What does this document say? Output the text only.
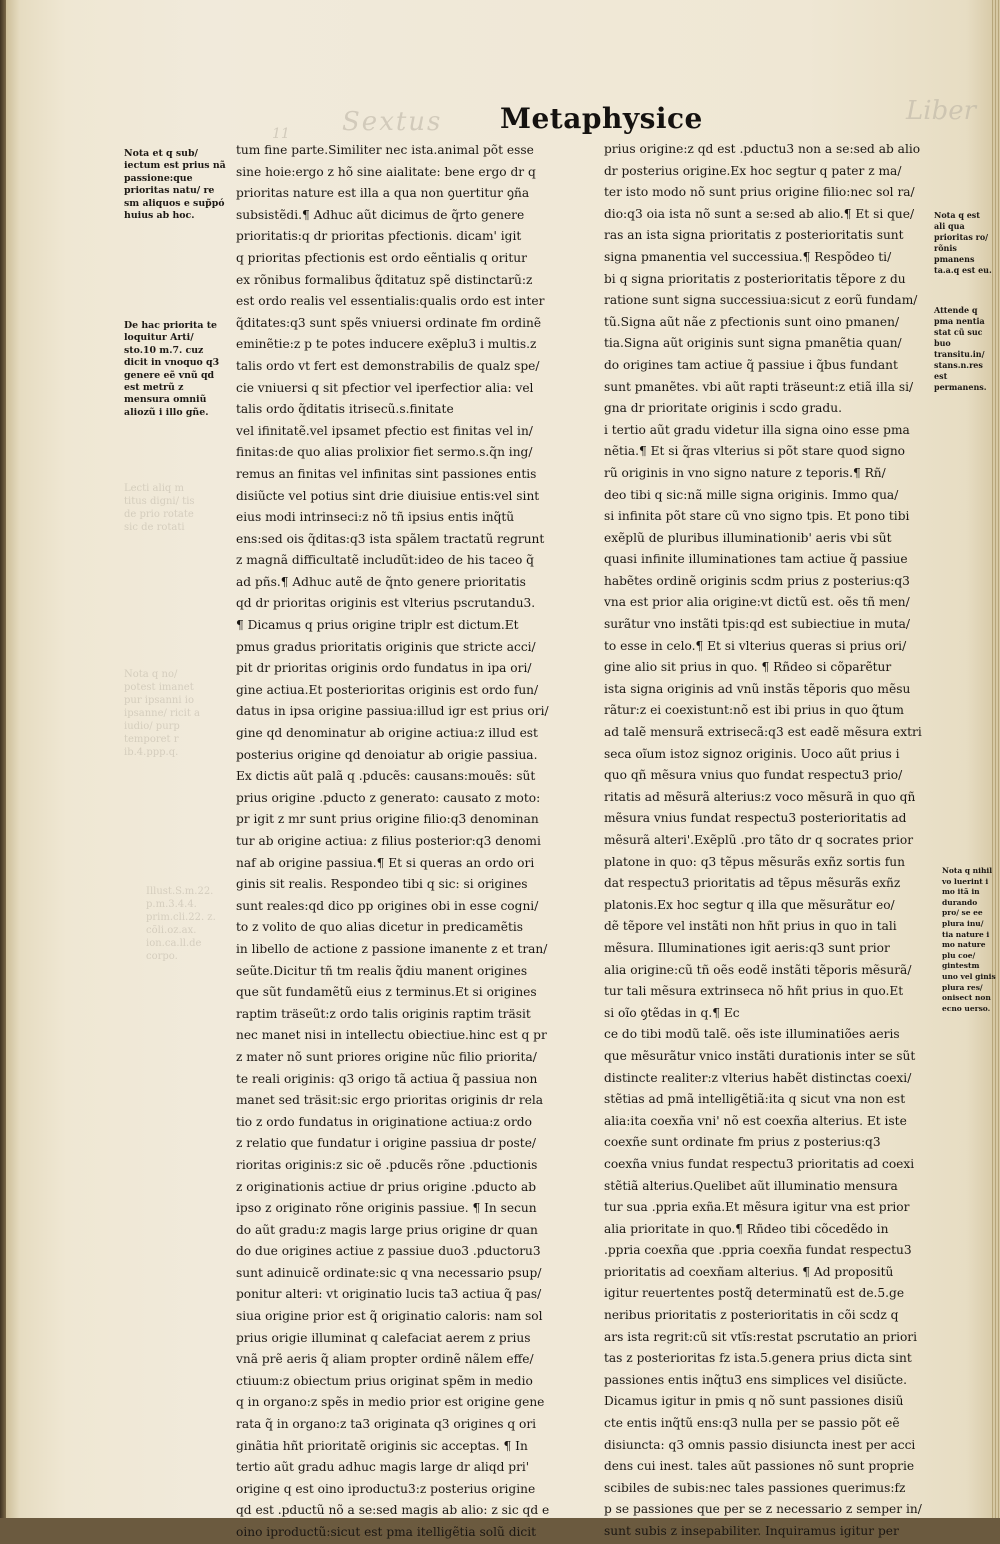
Sextus
11
Liber
Lecti aliq m titus digni/ tis de prio rotate sic de rotati
Nota q no/ potest imanet pur ipsanni io ipsanne/ ricit a iudio/ purp temporet r ib.4.ppp.q.
Illust.S.m.22. p.m.3.4.4. prim.cli.22. z. cõli.oz.ax. ion.ca.ll.de corpo.
Metaphysice
Nota et q sub/ iectum est prius nã passione:que prioritas natu/ re sm aliquos e sup̃pó huius ab hoc.
De hac priorita te loquitur Arti/ sto.10 m.7. cuz dicit in vnoquo q3 genere eẽ vnũ qd est metrũ z mensura omniũ aliozũ i illo gñe.
tum fine parte.Similiter nec ista.animal põt esse
sine hoie:ergo z hõ sine aialitate: bene ergo dr q
prioritas nature est illa a qua non ꝯuertitur ꝯña
subsistẽdi.¶ Adhuc aũt dicimus de q̃rto genere
prioritatis:q dr prioritas pfectionis. dicam' igit
q prioritas pfectionis est ordo eẽntialis q oritur
ex rõnibus formalibus q̃ditatuz spẽ distinctarũ:z
est ordo realis vel essentialis:qualis ordo est inter
q̃ditates:q3 sunt spẽs vniuersi ordinate fm ordinẽ
eminẽtie:z p te potes inducere exẽplu3 i multis.z
talis ordo vt fert est demonstrabilis de qualz spe/
cie vniuersi q sit pfectior vel iperfectior alia: vel
talis ordo q̃ditatis itrisecũ.s.finitate
vel ifinitatẽ.vel ipsamet pfectio est finitas vel in/
finitas:de quo alias prolixior fiet sermo.s.q̃n ing/
remus an finitas vel infinitas sint passiones entis
disiũcte vel potius sint drie diuisiue entis:vel sint
eius modi intrinseci:z nõ tñ ipsius entis inq̃tũ
ens:sed ois q̃ditas:q3 ista spãlem tractatũ regrunt
z magnã difficultatẽ includũt:ideo de his taceo q̃
ad pñs.¶ Adhuc autẽ de q̃nto genere prioritatis
qd dr prioritas originis est vlterius pscrutandu3.
¶ Dicamus q prius origine triplr est dictum.Et
pmus gradus prioritatis originis que stricte acci/
pit dr prioritas originis ordo fundatus in ipa ori/
gine actiua.Et posterioritas originis est ordo fun/
datus in ipsa origine passiua:illud igr est prius ori/
gine qd denominatur ab origine actiua:z illud est
posterius origine qd denoiatur ab origie passiua.
Ex dictis aũt palã q .pducẽs: causans:mouẽs: sũt
prius origine .pducto z generato: causato z moto:
pr igit z mr sunt prius origine filio:q3 denominan
tur ab origine actiua: z filius posterior:q3 denomi
naf ab origine passiua.¶ Et si queras an ordo ori
ginis sit realis. Respondeo tibi q sic: si origines
sunt reales:qd dico pp origines obi in esse cogni/
to z volito de quo alias dicetur in predicamẽtis
in libello de actione z passione imanente z et tran/
seũte.Dicitur tñ tm realis q̃diu manent origines
que sũt fundamẽtũ eius z terminus.Et si origines
raptim träseũt:z ordo talis originis raptim träsit
nec manet nisi in intellectu obiectiue.hinc est q pr
z mater nõ sunt priores origine nũc filio priorita/
te reali originis: q3 origo tã actiua q̃ passiua non
manet sed träsit:sic ergo prioritas originis dr rela
tio z ordo fundatus in originatione actiua:z ordo
z relatio que fundatur i origine passiua dr poste/
rioritas originis:z sic oẽ .pducẽs rõne .pductionis
z originationis actiue dr prius origine .pducto ab
ipso z originato rõne originis passiue. ¶ In secun
do aũt gradu:z magis large prius origine dr quan
do due origines actiue z passiue duo3 .pductoru3
sunt adinuicẽ ordinate:sic q vna necessario psup/
ponitur alteri: vt originatio lucis ta3 actiua q̃ pas/
siua origine prior est q̃ originatio caloris: nam sol
prius origie illuminat q calefaciat aerem z prius
vnã prẽ aeris q̃ aliam propter ordinẽ nãlem effe/
ctiuum:z obiectum prius originat spẽm in medio
q in organo:z spẽs in medio prior est origine gene
rata q̃ in organo:z ta3 originata q3 origines q ori
ginãtia hñt prioritatẽ originis sic acceptas. ¶ In
tertio aũt gradu adhuc magis large dr aliqd pri'
origine q est oino iproductu3:z posterius origine
qd est .pductũ nõ a se:sed magis ab alio: z sic qd e
oino iproductũ:sicut est pma itelligẽtia solũ dicit
prius origine:z qd est .pductu3 non a se:sed ab alio
dr posterius origine.Ex hoc segtur q pater z ma/
ter isto modo nõ sunt prius origine filio:nec sol ra/
dio:q3 oia ista nõ sunt a se:sed ab alio.¶ Et si que/
ras an ista signa prioritatis z posterioritatis sunt
signa pmanentia vel successiua.¶ Respõdeo ti/
bi q signa prioritatis z posterioritatis tẽpore z du
ratione sunt signa successiua:sicut z eorũ fundam/
tũ.Signa aũt nãe z pfectionis sunt oino pmanen/
tia.Signa aũt originis sunt signa pmanẽtia quan/
do origines tam actiue q̃ passiue i q̃bus fundant
sunt pmanẽtes. vbi aũt rapti träseunt:z etiã illa si/
gna dr prioritate originis i scdo gradu.
i tertio aũt gradu videtur illa signa oino esse pma
nẽtia.¶ Et si q̃ras vlterius si põt stare quod signo
rũ originis in vno signo nature z teporis.¶ Rñ/
deo tibi q sic:nã mille signa originis. Immo qua/
si infinita põt stare cũ vno signo tpis. Et pono tibi
exẽplũ de pluribus illuminationib' aeris vbi sũt
quasi infinite illuminationes tam actiue q̃ passiue
habẽtes ordinẽ originis scdm prius z posterius:q3
vna est prior alia origine:vt dictũ est. oẽs tñ men/
surãtur vno instãti tpis:qd est subiectiue in muta/
to esse in celo.¶ Et si vlterius queras si prius ori/
gine alio sit prius in quo. ¶ Rñdeo si cõparẽtur
ista signa originis ad vnũ instãs tẽporis quo mẽsu
rãtur:z ei coexistunt:nõ est ibi prius in quo q̃tum
ad talẽ mensurã extrisecã:q3 est eadẽ mẽsura extri
seca oĩum istoz signoz originis. Uoco aũt prius i
quo qñ mẽsura vnius quo fundat respectu3 prio/
ritatis ad mẽsurã alterius:z voco mẽsurã in quo qñ
mẽsura vnius fundat respectu3 posterioritatis ad
mẽsurã alteri'.Exẽplũ .pro tãto dr q socrates prior
platone in quo: q3 tẽpus mẽsurãs exñz sortis fun
dat respectu3 prioritatis ad tẽpus mẽsurãs exñz
platonis.Ex hoc segtur q illa que mẽsurãtur eo/
dẽ tẽpore vel instãti non hñt prius in quo in tali
mẽsura. Illuminationes igit aeris:q3 sunt prior
alia origine:cũ tñ oẽs eodẽ instãti tẽporis mẽsurã/
tur tali mẽsura extrinseca nõ hñt prius in quo.Et
si oĩo ꝯtẽdas in q.¶ Ec
ce do tibi modũ talẽ. oẽs iste illuminatiões aeris
que mẽsurãtur vnico instãti durationis inter se sũt
distincte realiter:z vlterius habẽt distinctas coexi/
stẽtias ad pmã intelligẽtiã:ita q sicut vna non est
alia:ita coexña vni' nõ est coexña alterius. Et iste
coexñe sunt ordinate fm prius z posterius:q3
coexña vnius fundat respectu3 prioritatis ad coexi
stẽtiã alterius.Quelibet aũt illuminatio mensura
tur sua .ppria exña.Et mẽsura igitur vna est prior
alia prioritate in quo.¶ Rñdeo tibi cõcedẽdo in
.ppria coexña que .ppria coexña fundat respectu3
prioritatis ad coexñam alterius. ¶ Ad propositũ
igitur reuertentes postq̃ determinatũ est de.5.ge
neribus prioritatis z posterioritatis in cõi scdz q
ars ista regrit:cũ sit vtĩs:restat pscrutatio an priori
tas z posterioritas fz ista.5.genera prius dicta sint
passiones entis inq̃tu3 ens simplices vel disiũcte.
Dicamus igitur in pmis q nõ sunt passiones disiũ
cte entis inq̃tũ ens:q3 nulla per se passio põt eẽ
disiuncta: q3 omnis passio disiuncta inest per acci
dens cui inest. tales aũt passiones nõ sunt proprie
scibiles de subis:nec tales passiones querimus:fz
p se passiones que per se z necessario z semper in/
sunt subis z insepabiliter. Inquiramus igitur per
Nota q est ali qua prioritas ro/ rõnis pmanens ta.a.q est eu.
Attende q pma nentia stat cũ suc buo transitu.in/ stans.n.res est permanens.
Nota q nihil vo luerint i mo itã in durando pro/ se ee plura inu/ tia nature i mo nature plu coe/ gintestm uno vel ginis plura res/ onisect non ecno uerso.
